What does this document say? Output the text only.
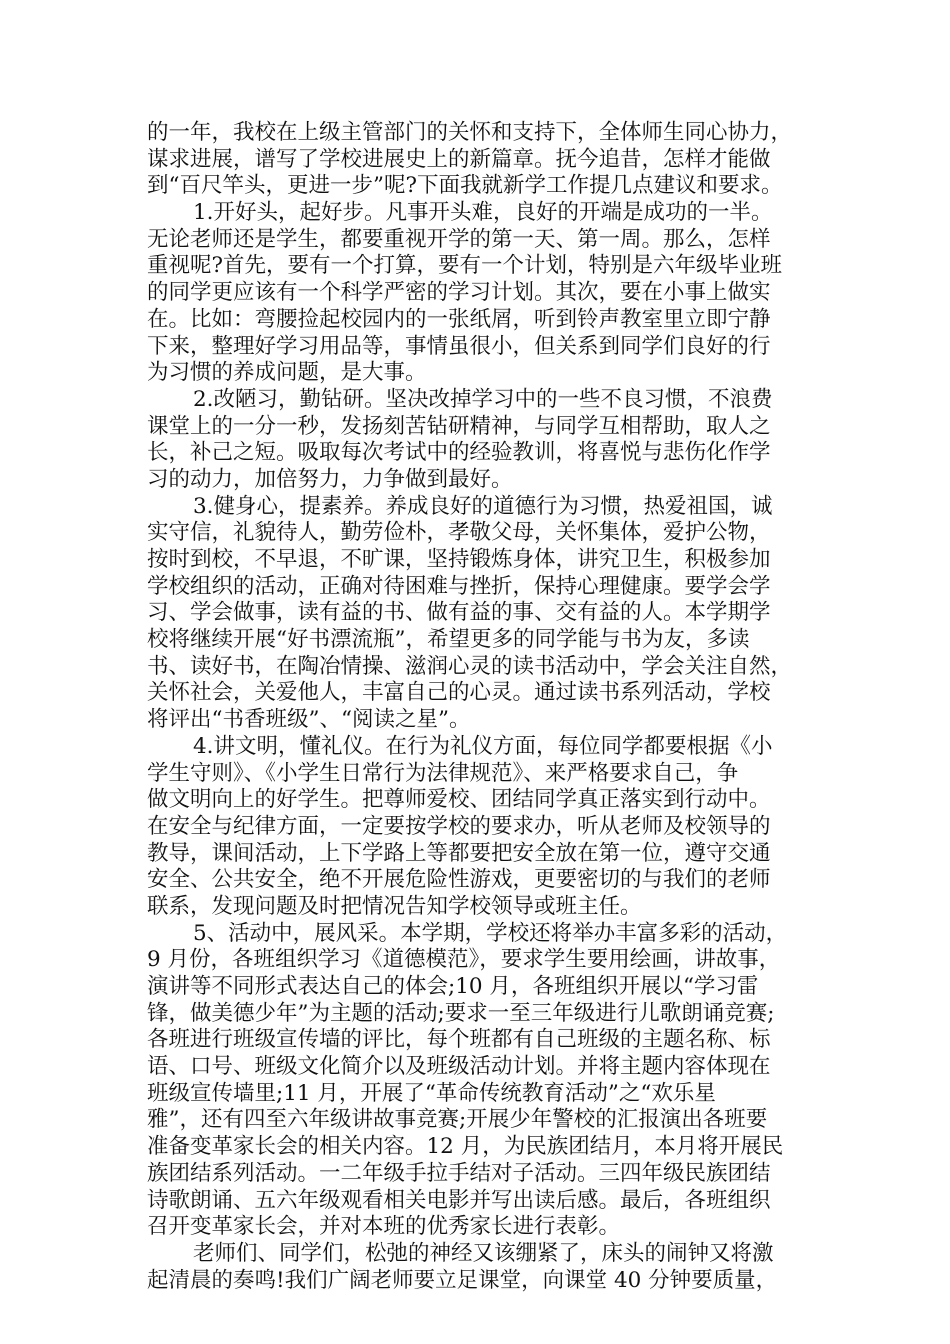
的一年，我校在上级主管部门的关怀和支持下，全体师生同心协力，
谋求进展，谱写了学校进展史上的新篇章。抚今追昔，怎样才能做
到“百尺竿头，更进一步”呢?下面我就新学工作提几点建议和要求。
1.开好头，起好步。凡事开头难，良好的开端是成功的一半。
无论老师还是学生，都要重视开学的第一天、第一周。那么，怎样
重视呢?首先，要有一个打算，要有一个计划，特别是六年级毕业班
的同学更应该有一个科学严密的学习计划。其次，要在小事上做实
在。比如：弯腰捡起校园内的一张纸屑，听到铃声教室里立即宁静
下来，整理好学习用品等，事情虽很小，但关系到同学们良好的行
为习惯的养成问题，是大事。
2.改陋习，勤钻研。坚决改掉学习中的一些不良习惯，不浪费
课堂上的一分一秒，发扬刻苦钻研精神，与同学互相帮助，取人之
长，补己之短。吸取每次考试中的经验教训，将喜悦与悲伤化作学
习的动力，加倍努力，力争做到最好。
3.健身心，提素养。养成良好的道德行为习惯，热爱祖国，诚
实守信，礼貌待人，勤劳俭朴，孝敬父母，关怀集体，爱护公物，
按时到校，不早退，不旷课，坚持锻炼身体，讲究卫生，积极参加
学校组织的活动，正确对待困难与挫折，保持心理健康。要学会学
习、学会做事，读有益的书、做有益的事、交有益的人。本学期学
校将继续开展“好书漂流瓶”，希望更多的同学能与书为友，多读
书、读好书，在陶冶情操、滋润心灵的读书活动中，学会关注自然，
关怀社会，关爱他人，丰富自己的心灵。通过读书系列活动，学校
将评出“书香班级”、“阅读之星”。
4.讲文明，懂礼仪。在行为礼仪方面，每位同学都要根据《小
学生守则》、《小学生日常行为法律规范》、来严格要求自己，争
做文明向上的好学生。把尊师爱校、团结同学真正落实到行动中。
在安全与纪律方面，一定要按学校的要求办，听从老师及校领导的
教导，课间活动，上下学路上等都要把安全放在第一位，遵守交通
安全、公共安全，绝不开展危险性游戏，更要密切的与我们的老师
联系，发现问题及时把情况告知学校领导或班主任。
5、活动中，展风采。本学期，学校还将举办丰富多彩的活动，
9 月份，各班组织学习《道德模范》，要求学生要用绘画，讲故事，
演讲等不同形式表达自己的体会;10 月，各班组织开展以“学习雷
锋，做美德少年”为主题的活动;要求一至三年级进行儿歌朗诵竞赛;
各班进行班级宣传墙的评比，每个班都有自己班级的主题名称、标
语、口号、班级文化简介以及班级活动计划。并将主题内容体现在
班级宣传墙里;11 月，开展了“革命传统教育活动”之“欢乐星
雅”，还有四至六年级讲故事竞赛;开展少年警校的汇报演出各班要
准备变革家长会的相关内容。12 月，为民族团结月，本月将开展民
族团结系列活动。一二年级手拉手结对子活动。三四年级民族团结
诗歌朗诵、五六年级观看相关电影并写出读后感。最后，各班组织
召开变革家长会，并对本班的优秀家长进行表彰。
老师们、同学们，松弛的神经又该绷紧了，床头的闹钟又将激
起清晨的奏鸣!我们广阔老师要立足课堂，向课堂 40 分钟要质量，
